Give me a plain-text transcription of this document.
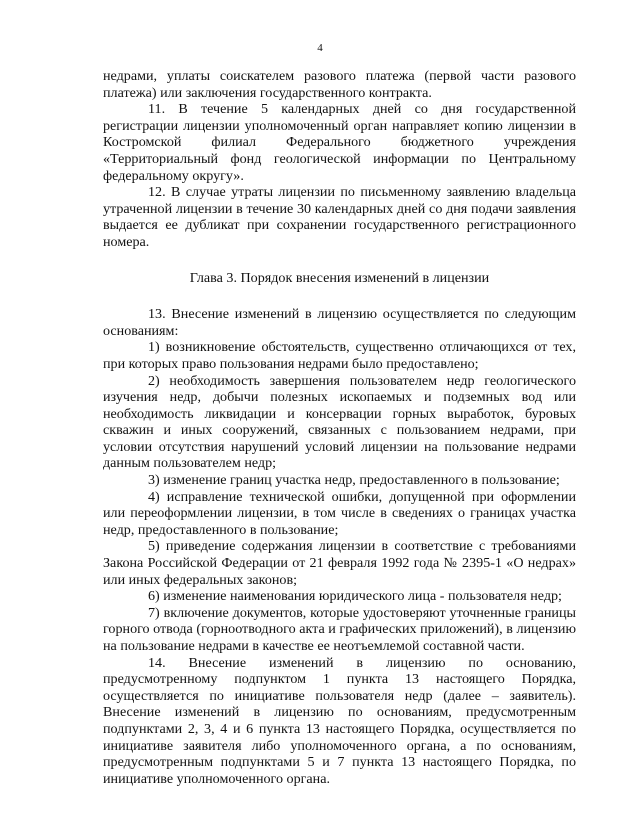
4

недрами, уплаты соискателем разового платежа (первой части разового платежа) или заключения государственного контракта.

11. В течение 5 календарных дней со дня государственной регистрации лицензии уполномоченный орган направляет копию лицензии в Костромской филиал Федерального бюджетного учреждения «Территориальный фонд геологической информации по Центральному федеральному округу».

12. В случае утраты лицензии по письменному заявлению владельца утраченной лицензии в течение 30 календарных дней со дня подачи заявления выдается ее дубликат при сохранении государственного регистрационного номера.

Глава 3. Порядок внесения изменений в лицензии

13. Внесение изменений в лицензию осуществляется по следующим основаниям:

1) возникновение обстоятельств, существенно отличающихся от тех, при которых право пользования недрами было предоставлено;

2) необходимость завершения пользователем недр геологического изучения недр, добычи полезных ископаемых и подземных вод или необходимость ликвидации и консервации горных выработок, буровых скважин и иных сооружений, связанных с пользованием недрами, при условии отсутствия нарушений условий лицензии на пользование недрами данным пользователем недр;

3) изменение границ участка недр, предоставленного в пользование;

4) исправление технической ошибки, допущенной при оформлении или переоформлении лицензии, в том числе в сведениях о границах участка недр, предоставленного в пользование;

5) приведение содержания лицензии в соответствие с требованиями Закона Российской Федерации от 21 февраля 1992 года № 2395-1 «О недрах» или иных федеральных законов;

6) изменение наименования юридического лица - пользователя недр;

7) включение документов, которые удостоверяют уточненные границы горного отвода (горноотводного акта и графических приложений), в лицензию на пользование недрами в качестве ее неотъемлемой составной части.

14. Внесение изменений в лицензию по основанию, предусмотренному подпунктом 1 пункта 13 настоящего Порядка, осуществляется по инициативе пользователя недр (далее – заявитель). Внесение изменений в лицензию по основаниям, предусмотренным подпунктами 2, 3, 4 и 6 пункта 13 настоящего Порядка, осуществляется по инициативе заявителя либо уполномоченного органа, а по основаниям, предусмотренным подпунктами 5 и 7 пункта 13 настоящего Порядка, по инициативе уполномоченного органа.
